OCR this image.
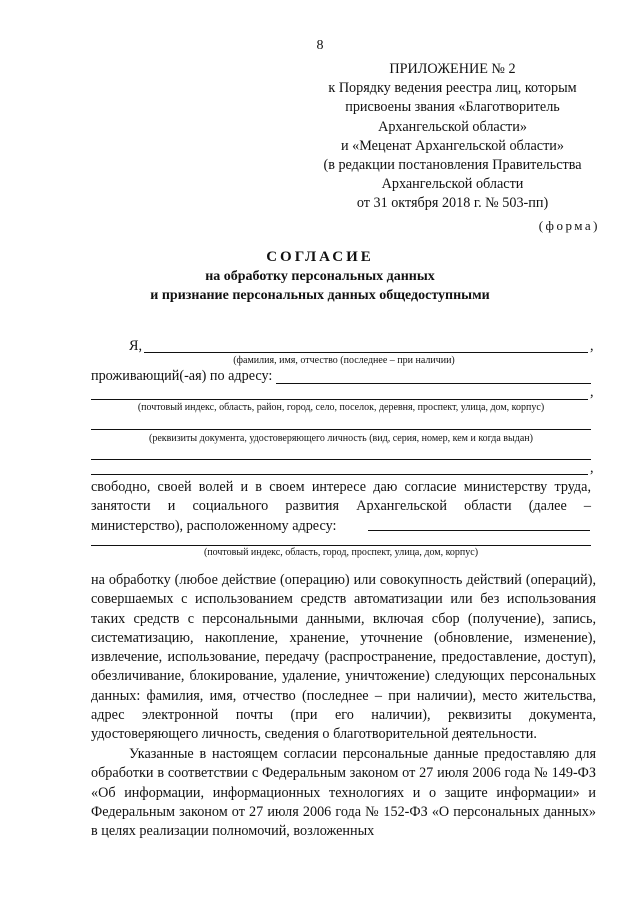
8
ПРИЛОЖЕНИЕ № 2
к Порядку ведения реестра лиц, которым
присвоены звания «Благотворитель
Архангельской области»
и «Меценат Архангельской области»
(в редакции постановления Правительства
Архангельской области
от 31 октября 2018 г. № 503-пп)
(форма)
СОГЛАСИЕ
на обработку персональных данных
и признание персональных данных общедоступными
Я,	,
(фамилия, имя, отчество (последнее – при наличии)
проживающий(-ая) по адресу:
,
(почтовый индекс, область, район, город, село, поселок, деревня, проспект, улица, дом, корпус)
(реквизиты документа, удостоверяющего личность (вид, серия, номер, кем и когда выдан)
,
свободно, своей волей и в своем интересе даю согласие министерству труда, занятости и социального развития Архангельской области (далее – министерство), расположенному адресу:
(почтовый индекс, область, город, проспект, улица, дом, корпус)
на обработку (любое действие (операцию) или совокупность действий (операций), совершаемых с использованием средств автоматизации или без использования таких средств с персональными данными, включая сбор (получение), запись, систематизацию, накопление, хранение, уточнение (обновление, изменение), извлечение, использование, передачу (распространение, предоставление, доступ), обезличивание, блокирование, удаление, уничтожение) следующих персональных данных: фамилия, имя, отчество (последнее – при наличии), место жительства, адрес электронной почты (при его наличии), реквизиты документа, удостоверяющего личность, сведения о благотворительной деятельности.
Указанные в настоящем согласии персональные данные предоставляю для обработки в соответствии с Федеральным законом от 27 июля 2006 года № 149-ФЗ «Об информации, информационных технологиях и о защите информации» и Федеральным законом от 27 июля 2006 года № 152-ФЗ «О персональных данных» в целях реализации полномочий, возложенных
